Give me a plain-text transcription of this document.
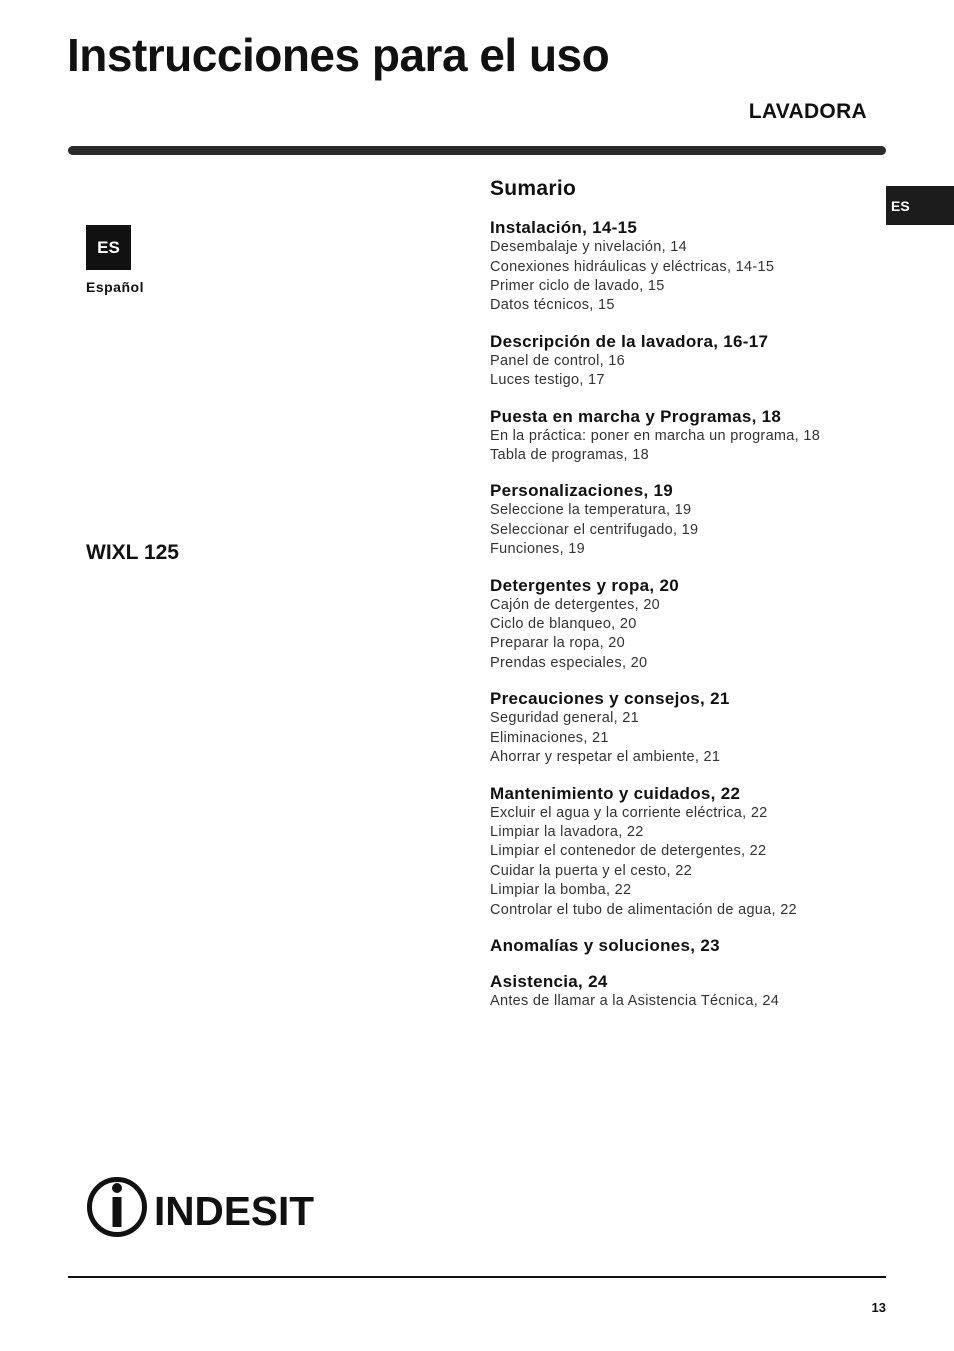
Instrucciones para el uso
LAVADORA
ES
Español
ES
WIXL 125
Sumario
Instalación, 14-15
Desembalaje y nivelación, 14
Conexiones hidráulicas y eléctricas, 14-15
Primer ciclo de lavado, 15
Datos técnicos, 15
Descripción de la lavadora, 16-17
Panel de control, 16
Luces testigo, 17
Puesta en marcha y Programas, 18
En la práctica: poner en marcha un programa, 18
Tabla de programas, 18
Personalizaciones, 19
Seleccione la temperatura, 19
Seleccionar el centrifugado, 19
Funciones, 19
Detergentes y ropa, 20
Cajón de detergentes, 20
Ciclo de blanqueo, 20
Preparar la ropa, 20
Prendas especiales, 20
Precauciones y consejos, 21
Seguridad general, 21
Eliminaciones, 21
Ahorrar y respetar el ambiente, 21
Mantenimiento y cuidados, 22
Excluir el agua y la corriente eléctrica, 22
Limpiar la lavadora, 22
Limpiar el contenedor de detergentes, 22
Cuidar la puerta y el cesto, 22
Limpiar la bomba, 22
Controlar el tubo de alimentación de agua, 22
Anomalías y soluciones, 23
Asistencia, 24
Antes de llamar a la Asistencia Técnica, 24
INDESIT
13
